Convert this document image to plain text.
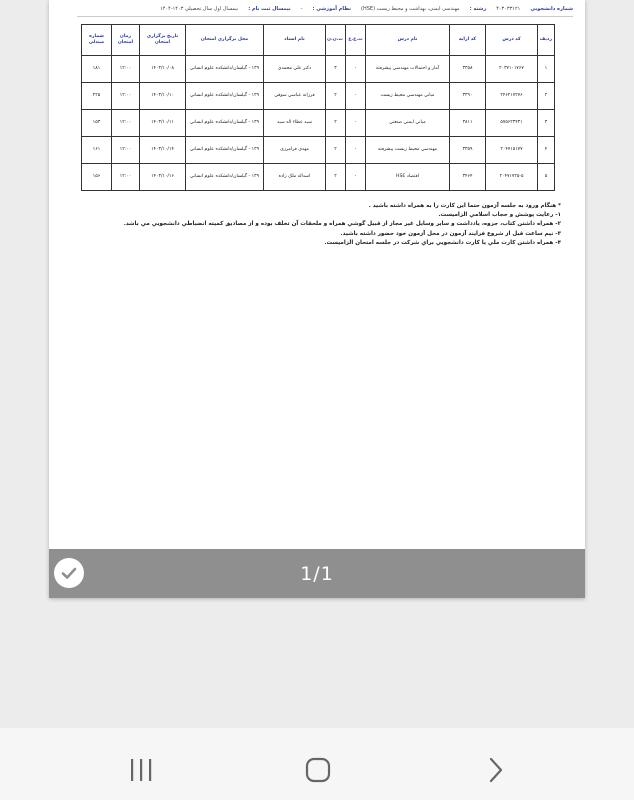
شماره دانشجويي
۴۰۳۰۳۳۱۲۱
رشته :
مهندسی ایمنی، بهداشت و محیط زیست (HSE)
نظام آموزشي :
-
نیمسال ثبت نام :
نیمسال اول سال تحصيلي ۱۴۰۳-۱۴۰۴
رديف	کد درس	کد ارايه	نام درس	ت.ع.ع	ت.ن.ن	نام استاد	محل برگزاري امتحان	تاريخ برگزاري امتحان	زمان امتحان	شماره صندلي
۱	۲۰۳۷۱۰۱۷۶۷	۳۳۵۸	آمار و احتمالات مهندسي پيشرفته	-	۳	دکتر علي محمدي	۱۳۹ - گیلسان/دانشکده علوم انساني	۱۴۰۳/۱۰/۰۸	۱۲:۰۰	۱۸۱
۲	۲۴۶۲۱۷۲۷۶	۳۳۹۰	مباني مهندسي محيط زيست	-	۲	فرزانه عباسي سوقي	۱۳۹ - گیلسان/دانشکده علوم انساني	۱۴۰۳/۱۰/۱۰	۱۲:۰۰	۲۲۵
۳	۵۷۵۶۲۳۴۳۱	۳۸۱۱	مباني ايمني صنعتي	-	۲	سيد عطاء اله سيد	۱۳۹ - گیلسان/دانشکده علوم انساني	۱۴۰۳/۱۰/۱۱	۱۲:۰۰	۱۵۳
۴	۲۰۴۷۱۵۱۷۷	۳۳۵۹	مهندسي محيط زيست پيشرفته	-	۲	مهدي فرامرزي	۱۳۹ - گیلسان/دانشکده علوم انساني	۱۴۰۳/۱۰/۱۴	۱۲:۰۰	۱۶۱
۵	۲۰۴۷۱۷۲۵-۵	۳۴۶۴	اقتصاد HSE	-	۲	اسداله ملک زاده	۱۳۹ - گیلسان/دانشکده علوم انساني	۱۴۰۳/۱۰/۱۶	۱۲:۰۰	۱۵۶
* هنگام ورود به جلسه آزمون حتما اين کارت را به همراه داشته باشيد .
۱- رعايت پوشش و حجاب اسلامي الزاميست.
۲- همراه داشتن کتاب، جزوه، يادداشت و ساير وسايل غير مجاز از قبيل گوشي همراه و ملحقات آن تخلف بوده و از مصاديق کميته انضباطي دانشجويي مي باشد.
۳- نيم ساعت قبل از شروع فرايند آزمون در محل آزمون خود حضور داشته باشيد.
۴- همراه داشتن کارت ملي يا کارت دانشجويي براي شرکت در جلسه امتحان الزاميست.
1/1
